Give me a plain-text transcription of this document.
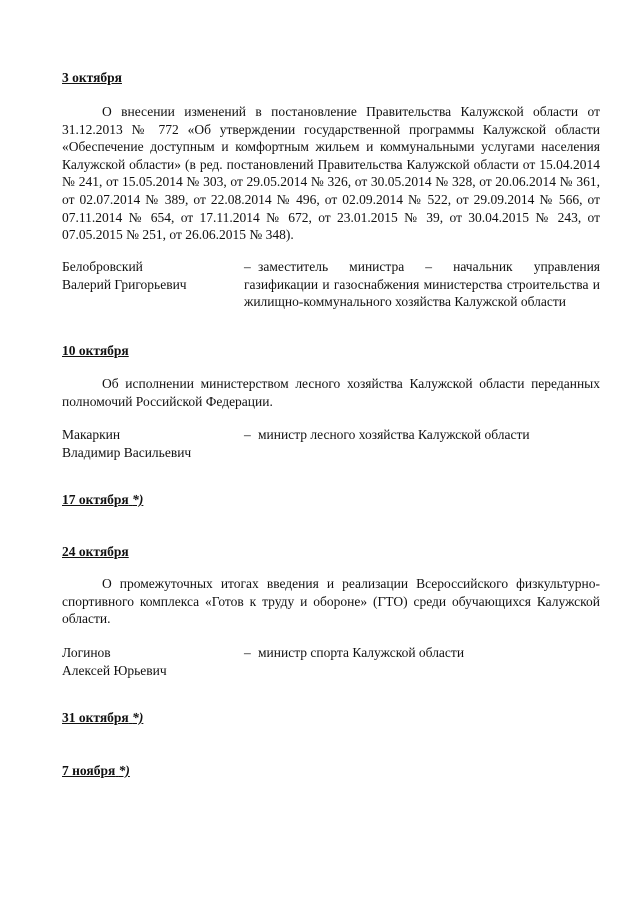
3 октября
О внесении изменений в постановление Правительства Калужской области от 31.12.2013 № 772 «Об утверждении государственной программы Калужской области «Обеспечение доступным и комфортным жильем и коммунальными услугами населения Калужской области» (в ред. постановлений Правительства Калужской области от 15.04.2014 № 241, от 15.05.2014 № 303, от 29.05.2014 № 326, от 30.05.2014 № 328, от 20.06.2014 № 361, от 02.07.2014 № 389, от 22.08.2014 № 496, от 02.09.2014 № 522, от 29.09.2014 № 566, от 07.11.2014 № 654, от 17.11.2014 № 672, от 23.01.2015 № 39, от 30.04.2015 № 243, от 07.05.2015 № 251, от 26.06.2015 № 348).
Белобровский
Валерий Григорьевич
– заместитель министра – начальник управления газификации и газоснабжения министерства строительства и жилищно-коммунального хозяйства Калужской области
10 октября
Об исполнении министерством лесного хозяйства Калужской области переданных полномочий Российской Федерации.
Макаркин
Владимир Васильевич
– министр лесного хозяйства Калужской области
17 октября *)
24 октября
О промежуточных итогах введения и реализации Всероссийского физкультурно-спортивного комплекса «Готов к труду и обороне» (ГТО) среди обучающихся Калужской области.
Логинов
Алексей Юрьевич
– министр спорта Калужской области
31 октября *)
7 ноября *)
